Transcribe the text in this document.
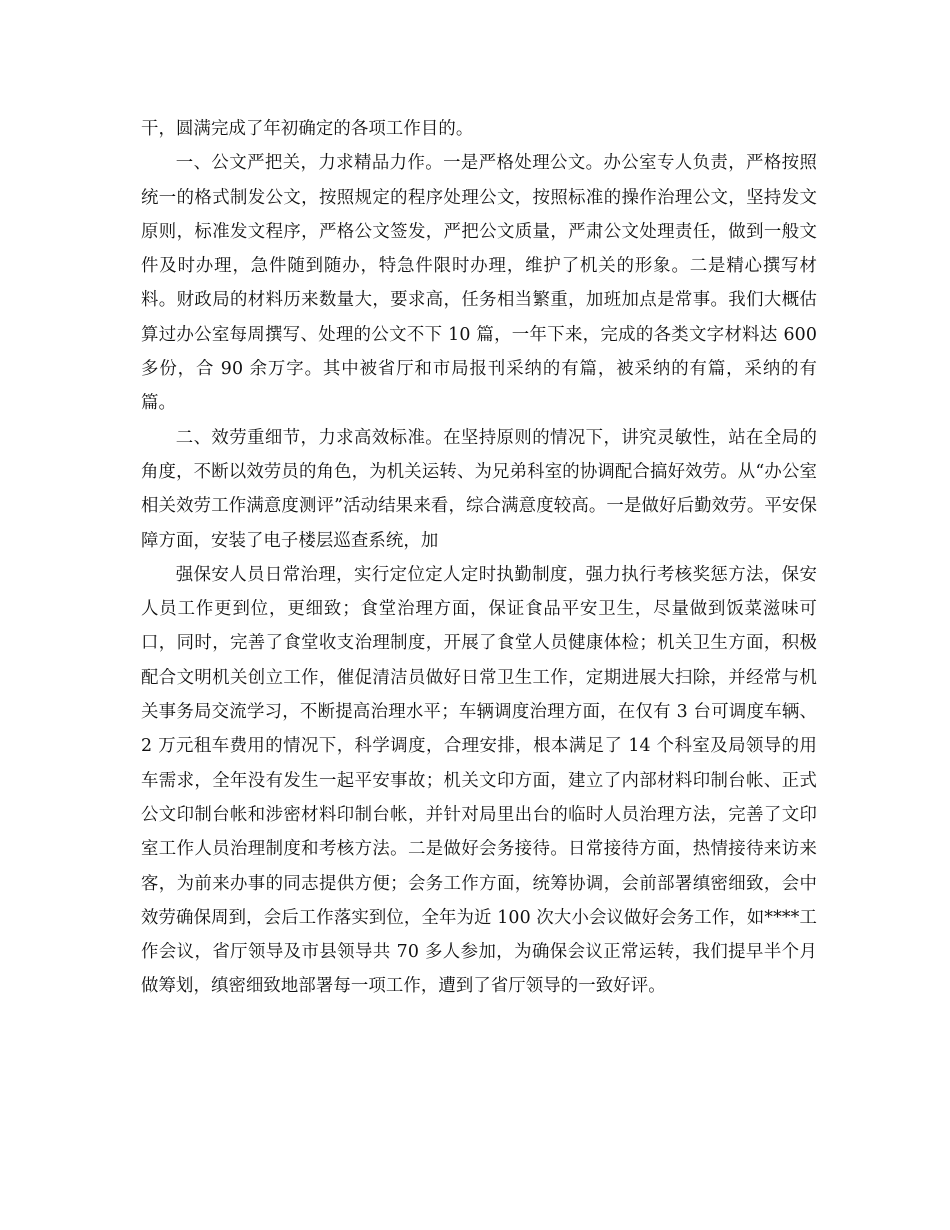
干，圆满完成了年初确定的各项工作目的。

一、公文严把关，力求精品力作。一是严格处理公文。办公室专人负责，严格按照统一的格式制发公文，按照规定的程序处理公文，按照标准的操作治理公文，坚持发文原则，标准发文程序，严格公文签发，严把公文质量，严肃公文处理责任，做到一般文件及时办理，急件随到随办，特急件限时办理，维护了机关的形象。二是精心撰写材料。财政局的材料历来数量大，要求高，任务相当繁重，加班加点是常事。我们大概估算过办公室每周撰写、处理的公文不下 10 篇，一年下来，完成的各类文字材料达 600 多份，合 90 余万字。其中被省厅和市局报刊采纳的有篇，被采纳的有篇，采纳的有篇。

二、效劳重细节，力求高效标准。在坚持原则的情况下，讲究灵敏性，站在全局的角度，不断以效劳员的角色，为机关运转、为兄弟科室的协调配合搞好效劳。从“办公室相关效劳工作满意度测评”活动结果来看，综合满意度较高。一是做好后勤效劳。平安保障方面，安装了电子楼层巡查系统，加

强保安人员日常治理，实行定位定人定时执勤制度，强力执行考核奖惩方法，保安人员工作更到位，更细致；食堂治理方面，保证食品平安卫生，尽量做到饭菜滋味可口，同时，完善了食堂收支治理制度，开展了食堂人员健康体检；机关卫生方面，积极配合文明机关创立工作，催促清洁员做好日常卫生工作，定期进展大扫除，并经常与机关事务局交流学习，不断提高治理水平；车辆调度治理方面，在仅有 3 台可调度车辆、2 万元租车费用的情况下，科学调度，合理安排，根本满足了 14 个科室及局领导的用车需求，全年没有发生一起平安事故；机关文印方面，建立了内部材料印制台帐、正式公文印制台帐和涉密材料印制台帐，并针对局里出台的临时人员治理方法，完善了文印室工作人员治理制度和考核方法。二是做好会务接待。日常接待方面，热情接待来访来客，为前来办事的同志提供方便；会务工作方面，统筹协调，会前部署缜密细致，会中效劳确保周到，会后工作落实到位，全年为近 100 次大小会议做好会务工作，如****工作会议，省厅领导及市县领导共 70 多人参加，为确保会议正常运转，我们提早半个月做筹划，缜密细致地部署每一项工作，遭到了省厅领导的一致好评。
